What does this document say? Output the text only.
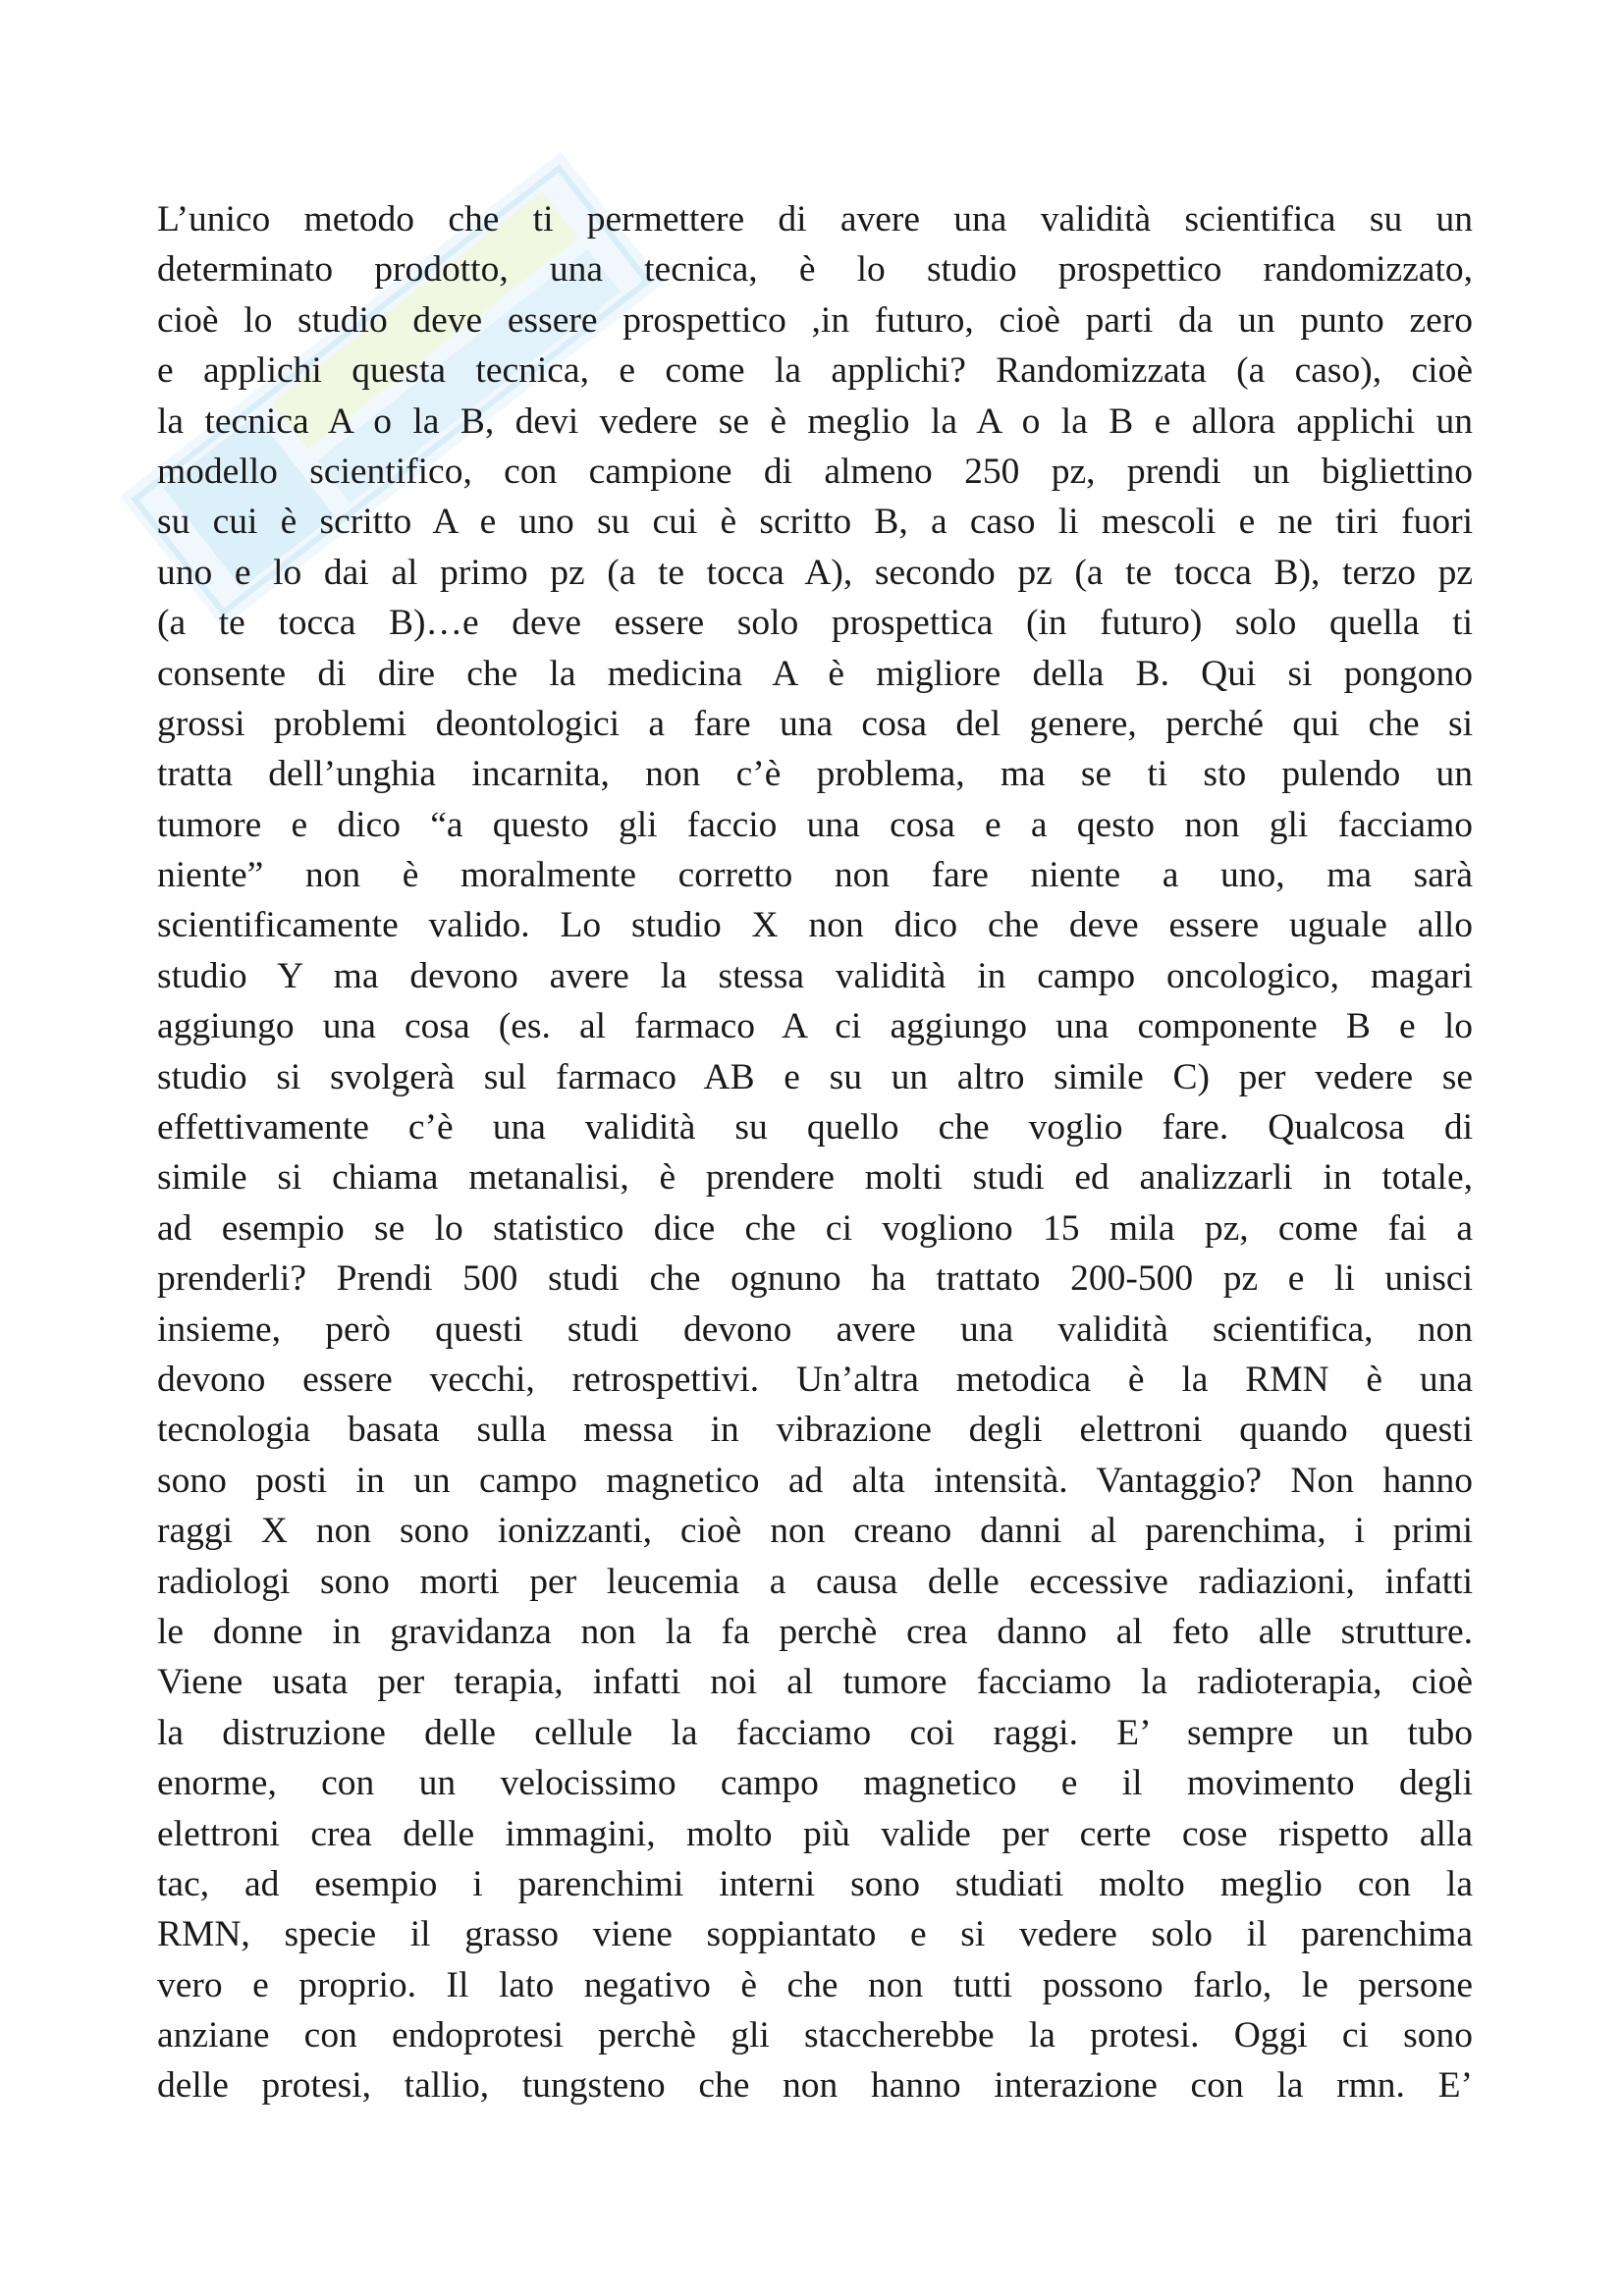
L’unico metodo che ti permettere di avere una validità scientifica su un
determinato prodotto, una tecnica, è lo studio prospettico randomizzato,
cioè lo studio deve essere prospettico ,in futuro, cioè parti da un punto zero
e applichi questa tecnica, e come la applichi? Randomizzata (a caso), cioè
la tecnica A o la B, devi vedere se è meglio la A o la B e allora applichi un
modello scientifico, con campione di almeno 250 pz, prendi un bigliettino
su cui è scritto A e uno su cui è scritto B, a caso li mescoli e ne tiri fuori
uno e lo dai al primo pz (a te tocca A), secondo pz (a te tocca B), terzo pz
(a te tocca B)…e deve essere solo prospettica (in futuro) solo quella ti
consente di dire che la medicina A è migliore della B. Qui si pongono
grossi problemi deontologici a fare una cosa del genere, perché qui che si
tratta dell’unghia incarnita, non c’è problema, ma se ti sto pulendo un
tumore e dico “a questo gli faccio una cosa e a qesto non gli facciamo
niente” non è moralmente corretto non fare niente a uno, ma sarà
scientificamente valido. Lo studio X non dico che deve essere uguale allo
studio Y ma devono avere la stessa validità in campo oncologico, magari
aggiungo una cosa (es. al farmaco A ci aggiungo una componente B e lo
studio si svolgerà sul farmaco AB e su un altro simile C) per vedere se
effettivamente c’è una validità su quello che voglio fare. Qualcosa di
simile si chiama metanalisi, è prendere molti studi ed analizzarli in totale,
ad esempio se lo statistico dice che ci vogliono 15 mila pz, come fai a
prenderli? Prendi 500 studi che ognuno ha trattato 200-500 pz e li unisci
insieme, però questi studi devono avere una validità scientifica, non
devono essere vecchi, retrospettivi. Un’altra metodica è la RMN è una
tecnologia basata sulla messa in vibrazione degli elettroni quando questi
sono posti in un campo magnetico ad alta intensità. Vantaggio? Non hanno
raggi X non sono ionizzanti, cioè non creano danni al parenchima, i primi
radiologi sono morti per leucemia a causa delle eccessive radiazioni, infatti
le donne in gravidanza non la fa perchè crea danno al feto alle strutture.
Viene usata per terapia, infatti noi al tumore facciamo la radioterapia, cioè
la distruzione delle cellule la facciamo coi raggi. E’ sempre un tubo
enorme, con un velocissimo campo magnetico e il movimento degli
elettroni crea delle immagini, molto più valide per certe cose rispetto alla
tac, ad esempio i parenchimi interni sono studiati molto meglio con la
RMN, specie il grasso viene soppiantato e si vedere solo il parenchima
vero e proprio. Il lato negativo è che non tutti possono farlo, le persone
anziane con endoprotesi perchè gli staccherebbe la protesi. Oggi ci sono
delle protesi, tallio, tungsteno che non hanno interazione con la rmn. E’
